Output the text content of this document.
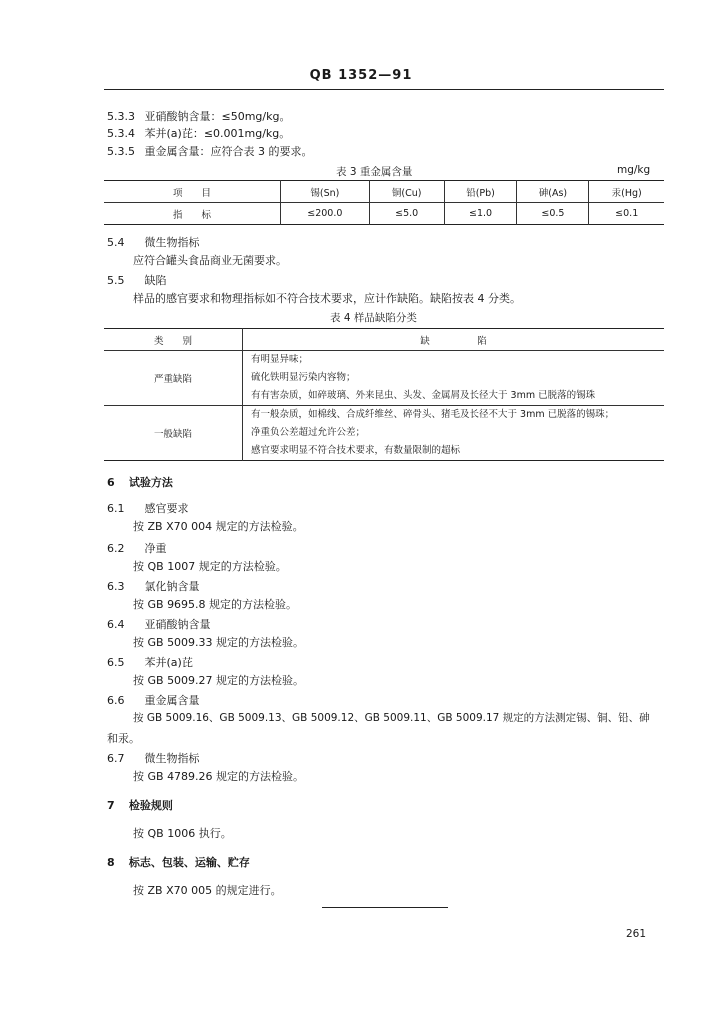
QB 1352—91
5.3.3 亚硝酸钠含量：≤50mg/kg。
5.3.4 苯并(a)芘：≤0.001mg/kg。
5.3.5 重金属含量：应符合表 3 的要求。
表 3 重金属含量	mg/kg
项　　目	锡(Sn)	铜(Cu)	铅(Pb)	砷(As)	汞(Hg)
指　　标	≤200.0	≤5.0	≤1.0	≤0.5	≤0.1
5.4 微生物指标
应符合罐头食品商业无菌要求。
5.5 缺陷
样品的感官要求和物理指标如不符合技术要求，应计作缺陷。缺陷按表 4 分类。
表 4 样品缺陷分类
类　　别	缺　　　　　陷
严重缺陷	有明显异味；
硫化铁明显污染内容物；
有有害杂质，如碎玻璃、外来昆虫、头发、金属屑及长径大于 3mm 已脱落的锡珠

一般缺陷	有一般杂质，如棉线、合成纤维丝、碎骨头、猪毛及长径不大于 3mm 已脱落的锡珠；
净重负公差超过允许公差；
感官要求明显不符合技术要求，有数量限制的超标
6 试验方法
6.1 感官要求
按 ZB X70 004 规定的方法检验。
6.2 净重
按 QB 1007 规定的方法检验。
6.3 氯化钠含量
按 GB 9695.8 规定的方法检验。
6.4 亚硝酸钠含量
按 GB 5009.33 规定的方法检验。
6.5 苯并(a)芘
按 GB 5009.27 规定的方法检验。
6.6 重金属含量
按 GB 5009.16、GB 5009.13、GB 5009.12、GB 5009.11、GB 5009.17 规定的方法测定锡、铜、铅、砷
和汞。
6.7 微生物指标
按 GB 4789.26 规定的方法检验。
7 检验规则
按 QB 1006 执行。
8 标志、包装、运输、贮存
按 ZB X70 005 的规定进行。
261
